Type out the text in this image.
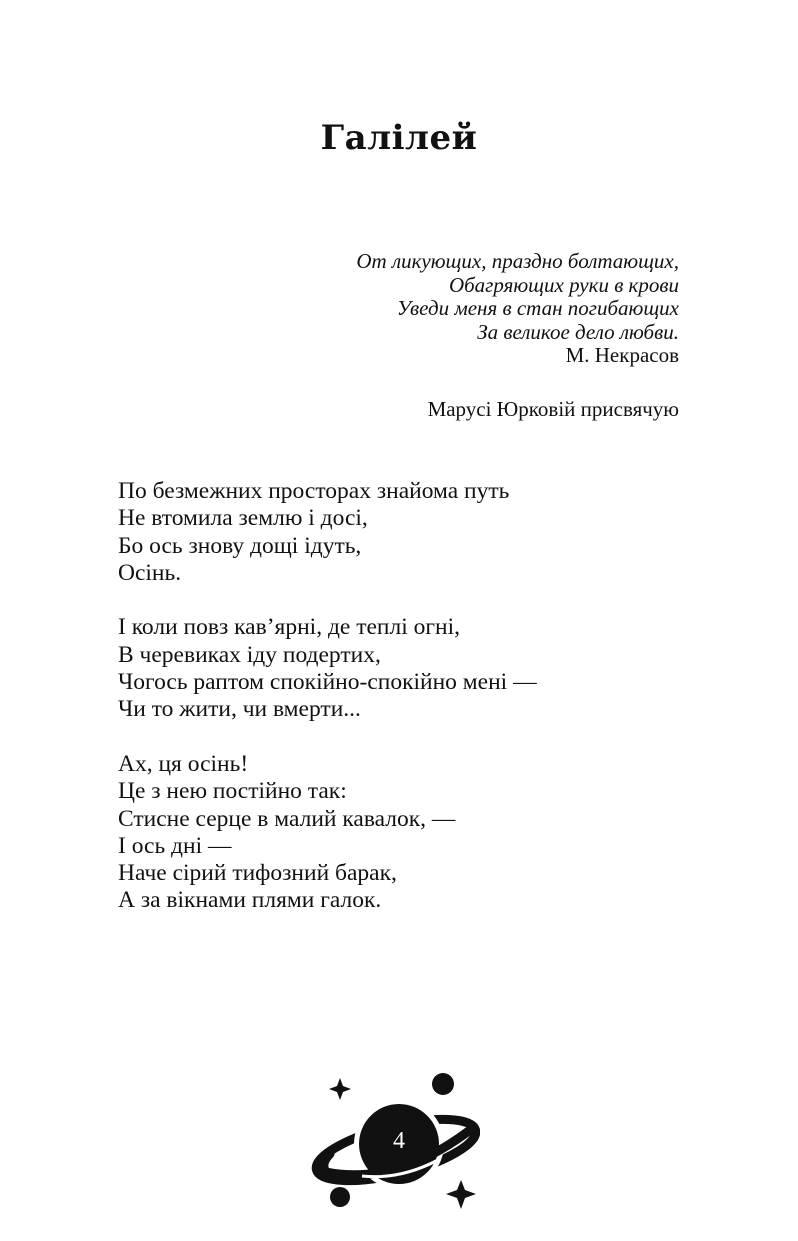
Галілей
От ликующих, праздно болтающих,
Обагряющих руки в крови
Уведи меня в стан погибающих
За великое дело любви.
М. Некрасов
Марусі Юрковій присвячую
По безмежних просторах знайома путь
Не втомила землю і досі,
Бо ось знову дощі ідуть,
Осінь.
І коли повз кав’ярні, де теплі огні,
В черевиках іду подертих,
Чогось раптом спокійно-спокійно мені —
Чи то жити, чи вмерти...
Ах, ця осінь!
Це з нею постійно так:
Стисне серце в малий кавалок, —
І ось дні —
Наче сірий тифозний барак,
А за вікнами плями галок.
4
